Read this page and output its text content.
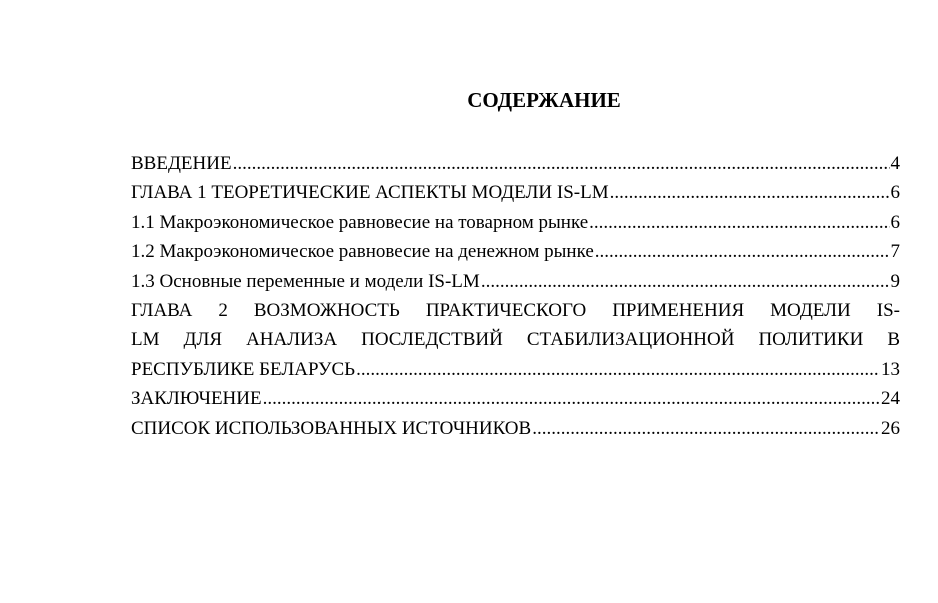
СОДЕРЖАНИЕ
ВВЕДЕНИЕ .....	4
ГЛАВА 1 ТЕОРЕТИЧЕСКИЕ АСПЕКТЫ МОДЕЛИ IS-LM .....	6
1.1 Макроэкономическое равновесие на товарном рынке .....	6
1.2 Макроэкономическое равновесие на денежном рынке .....	7
1.3 Основные переменные и модели IS-LM .....	9
ГЛАВА 2 ВОЗМОЖНОСТЬ ПРАКТИЧЕСКОГО ПРИМЕНЕНИЯ МОДЕЛИ IS-
LM ДЛЯ АНАЛИЗА ПОСЛЕДСТВИЙ СТАБИЛИЗАЦИОННОЙ ПОЛИТИКИ В
РЕСПУБЛИКЕ БЕЛАРУСЬ .....	13
ЗАКЛЮЧЕНИЕ .....	24
СПИСОК ИСПОЛЬЗОВАННЫХ ИСТОЧНИКОВ .....	26
